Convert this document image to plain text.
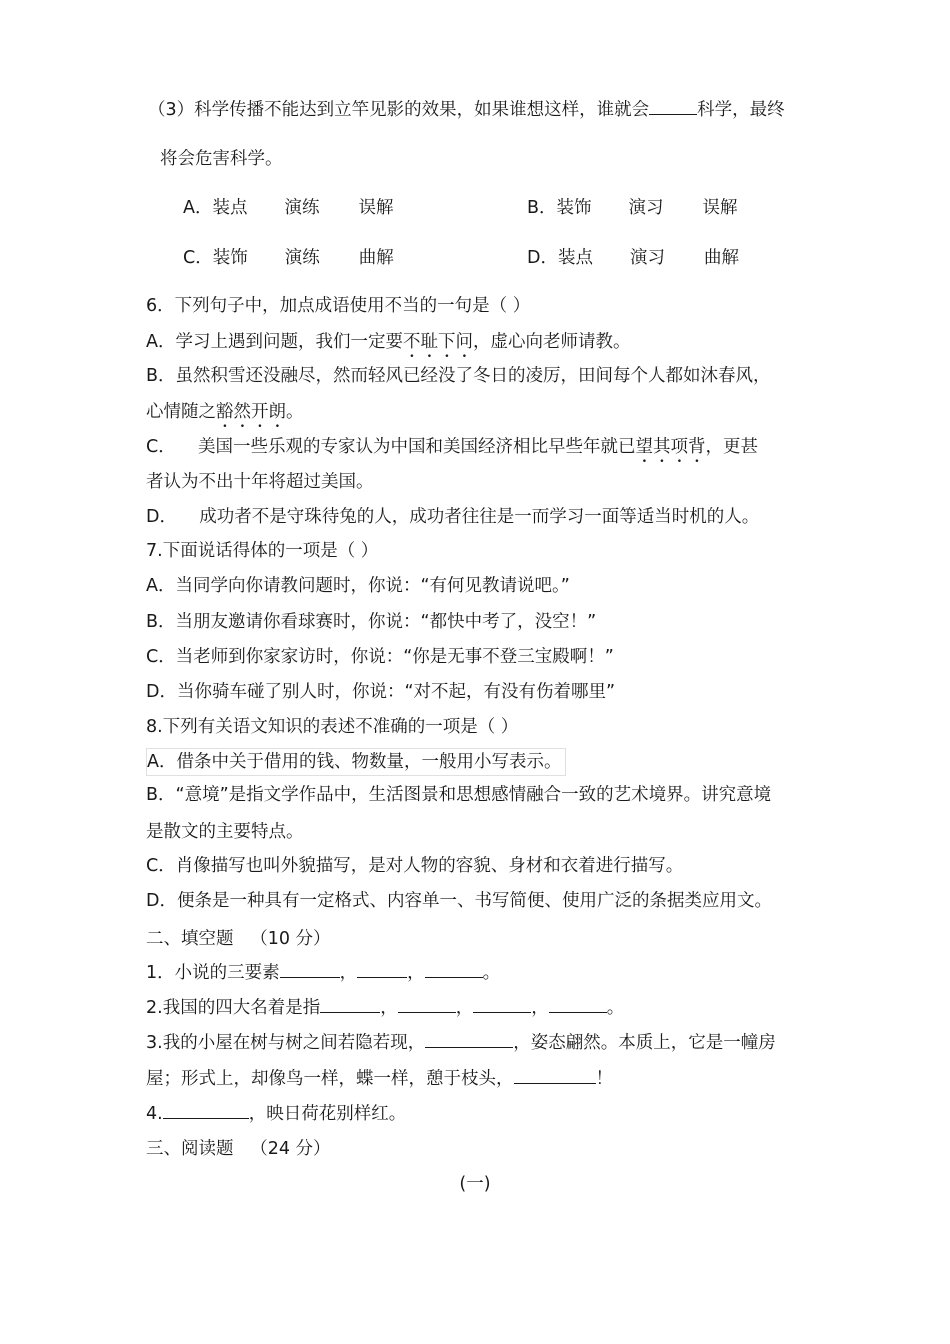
（3）科学传播不能达到立竿见影的效果，如果谁想这样，谁就会	科学，最终
将会危害科学。
A．装点 演练 误解	B．装饰 演习 误解
C．装饰 演练 曲解	D．装点 演习 曲解
6．下列句子中，加点成语使用不当的一句是（ ）
A．学习上遇到问题，我们一定要不耻下问，虚心向老师请教。
B．虽然积雪还没融尽，然而轻风已经没了冬日的凌厉，田间每个人都如沐春风，
心情随之豁然开朗。
C．    美国一些乐观的专家认为中国和美国经济相比早些年就已望其项背，更甚
者认为不出十年将超过美国。
D．    成功者不是守珠待兔的人，成功者往往是一而学习一面等适当时机的人。
7.下面说话得体的一项是（ ）
A．当同学向你请教问题时，你说：“有何见教请说吧。”
B．当朋友邀请你看球赛时，你说：“都快中考了，没空！”
C．当老师到你家家访时，你说：“你是无事不登三宝殿啊！”
D．当你骑车碰了别人时，你说：“对不起，有没有伤着哪里”
8.下列有关语文知识的表述不准确的一项是（ ）
A．借条中关于借用的钱、物数量，一般用小写表示。
B．“意境”是指文学作品中，生活图景和思想感情融合一致的艺术境界。讲究意境
是散文的主要特点。
C．肖像描写也叫外貌描写，是对人物的容貌、身材和衣着进行描写。
D．便条是一种具有一定格式、内容单一、书写简便、使用广泛的条据类应用文。
二、填空题   （10 分）
1．小说的三要素	，	，	。
2.我国的四大名着是指	，	，	，	。
3.我的小屋在树与树之间若隐若现，	，姿态翩然。本质上，它是一幢房
屋；形式上，却像鸟一样，蝶一样，憩于枝头，	！
4.	，映日荷花别样红。
三、阅读题   （24 分）
(一)
